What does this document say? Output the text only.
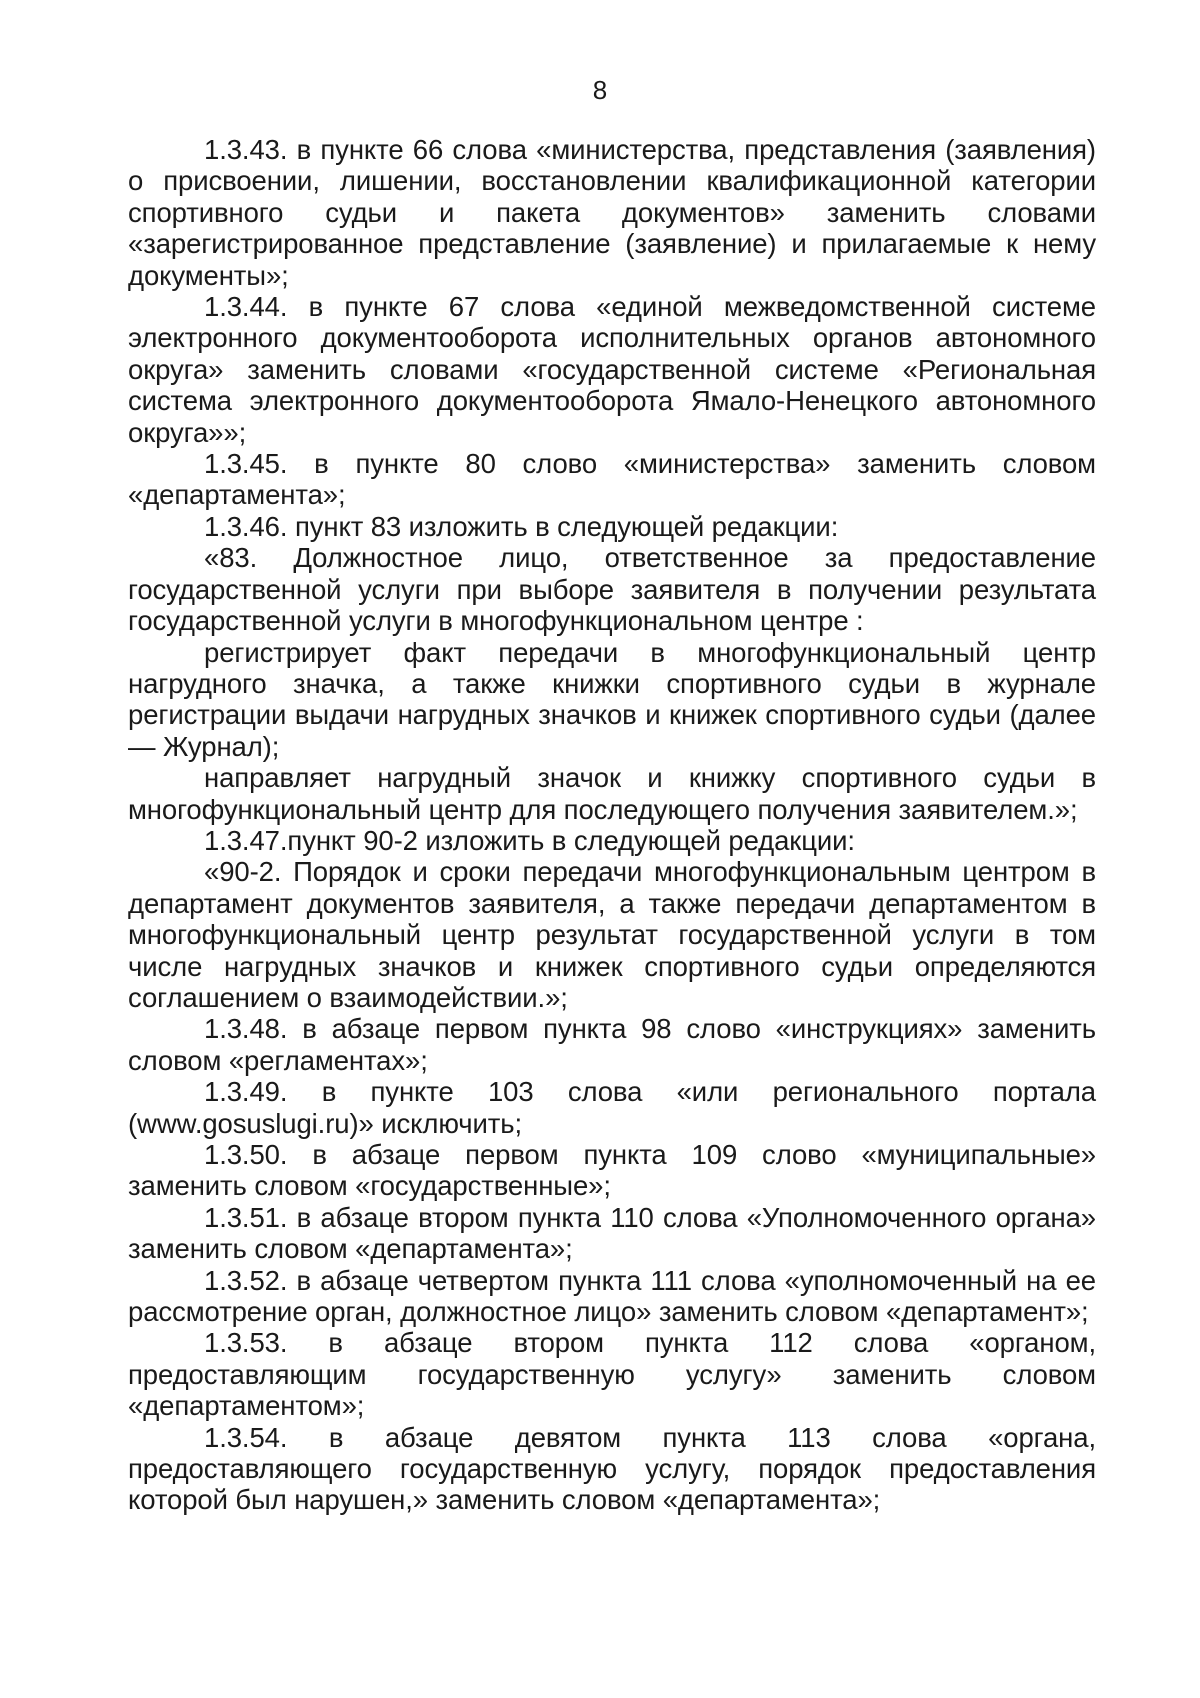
8

1.3.43. в пункте 66 слова «министерства, представления (заявления) о присвоении, лишении, восстановлении квалификационной категории спортивного судьи и пакета документов» заменить словами «зарегистрированное представление (заявление) и прилагаемые к нему документы»;

1.3.44. в пункте 67 слова «единой межведомственной системе электронного документооборота исполнительных органов автономного округа» заменить словами «государственной системе «Региональная система электронного документооборота Ямало-Ненецкого автономного округа»»;

1.3.45. в пункте 80 слово «министерства» заменить словом «департамента»;

1.3.46. пункт 83 изложить в следующей редакции:

«83. Должностное лицо, ответственное за предоставление государственной услуги при выборе заявителя в получении результата государственной услуги в многофункциональном центре :

регистрирует факт передачи в многофункциональный центр нагрудного значка, а также книжки спортивного судьи в журнале регистрации выдачи нагрудных значков и книжек спортивного судьи (далее — Журнал);

направляет нагрудный значок и книжку спортивного судьи в многофункциональный центр для последующего получения заявителем.»;

1.3.47.пункт 90-2 изложить в следующей редакции:

«90-2. Порядок и сроки передачи многофункциональным центром в департамент документов заявителя, а также передачи департаментом в многофункциональный центр результат государственной услуги в том числе нагрудных значков и книжек спортивного судьи определяются соглашением о взаимодействии.»;

1.3.48. в абзаце первом пункта 98 слово «инструкциях» заменить словом «регламентах»;

1.3.49. в пункте 103 слова «или регионального портала (www.gosuslugi.ru)» исключить;

1.3.50. в абзаце первом пункта 109 слово «муниципальные» заменить словом «государственные»;

1.3.51. в абзаце втором пункта 110 слова «Уполномоченного органа» заменить словом «департамента»;

1.3.52. в абзаце четвертом пункта 111 слова «уполномоченный на ее рассмотрение орган, должностное лицо» заменить словом «департамент»;

1.3.53. в абзаце втором пункта 112 слова «органом, предоставляющим государственную услугу» заменить словом «департаментом»;

1.3.54. в абзаце девятом пункта 113 слова «органа, предоставляющего государственную услугу, порядок предоставления которой был нарушен,» заменить словом «департамента»;
